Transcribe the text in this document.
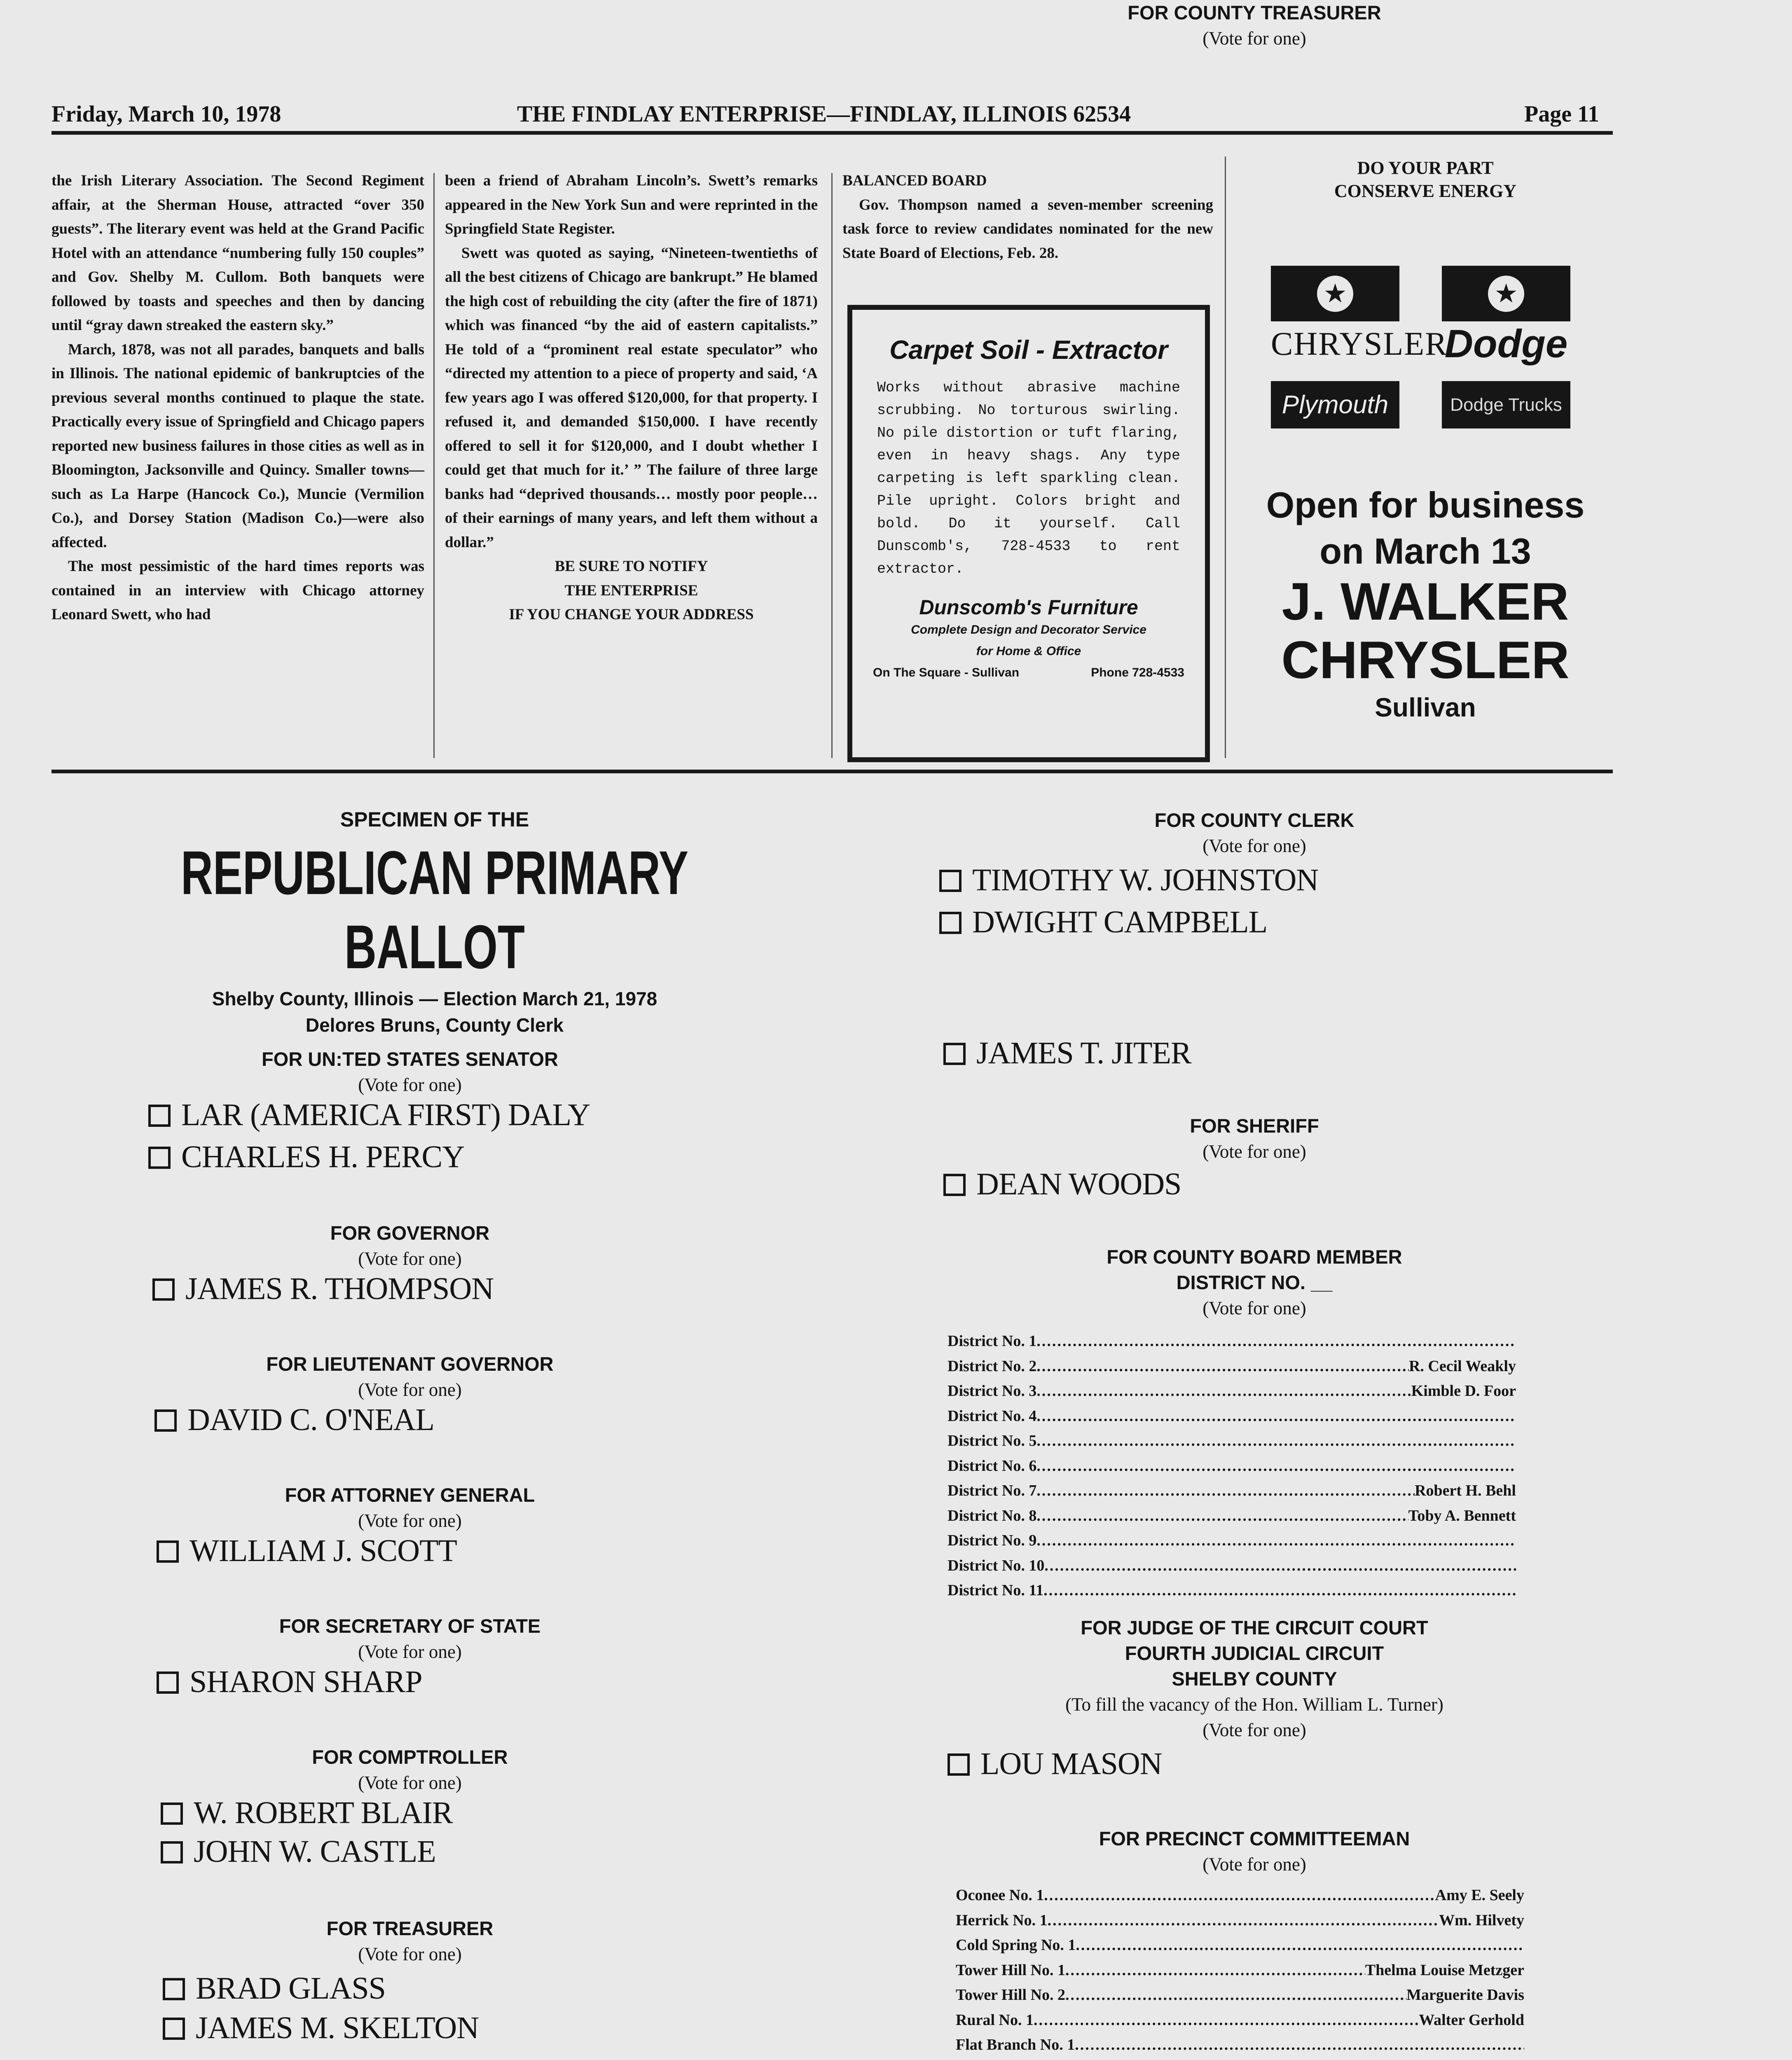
Friday, March 10, 1978	THE FINDLAY ENTERPRISE—FINDLAY, ILLINOIS 62534	Page 11

the Irish Literary Association. The Second Regiment affair, at the Sherman House, attracted “over 350 guests”. The literary event was held at the Grand Pacific Hotel with an attendance “numbering fully 150 couples” and Gov. Shelby M. Cullom. Both banquets were followed by toasts and speeches and then by dancing until “gray dawn streaked the eastern sky.”

March, 1878, was not all parades, banquets and balls in Illinois. The national epidemic of bankruptcies of the previous several months continued to plaque the state. Practically every issue of Springfield and Chicago papers reported new business failures in those cities as well as in Bloomington, Jacksonville and Quincy. Smaller towns—such as La Harpe (Hancock Co.), Muncie (Vermilion Co.), and Dorsey Station (Madison Co.)—were also affected.

The most pessimistic of the hard times reports was contained in an interview with Chicago attorney Leonard Swett, who had

been a friend of Abraham Lincoln’s. Swett’s remarks appeared in the New York Sun and were reprinted in the Springfield State Register.

Swett was quoted as saying, “Nineteen-twentieths of all the best citizens of Chicago are bankrupt.” He blamed the high cost of rebuilding the city (after the fire of 1871) which was financed “by the aid of eastern capitalists.” He told of a “prominent real estate speculator” who “directed my attention to a piece of property and said, ‘A few years ago I was offered $120,000, for that property. I refused it, and demanded $150,000. I have recently offered to sell it for $120,000, and I doubt whether I could get that much for it.’ ” The failure of three large banks had “deprived thousands… mostly poor people… of their earnings of many years, and left them without a dollar.”

BE SURE TO NOTIFY

THE ENTERPRISE

IF YOU CHANGE YOUR ADDRESS

BALANCED BOARD

Gov. Thompson named a seven-member screening task force to review candidates nominated for the new State Board of Elections, Feb. 28.

Carpet Soil - Extractor
Works without abrasive machine scrubbing. No torturous swirling. No pile distortion or tuft flaring, even in heavy shags. Any type carpeting is left sparkling clean. Pile upright. Colors bright and bold. Do it yourself. Call Dunscomb's, 728-4533 to rent extractor.
Dunscomb's Furniture
Complete Design and Decorator Service
for Home & Office
On The Square - Sullivan	Phone 728-4533
DO YOUR PART
CONSERVE ENERGY
★
★
CHRYSLER
Dodge
Plymouth	Dodge Trucks
Open for business
on March 13
J. WALKER
CHRYSLER
Sullivan
SPECIMEN OF THE
REPUBLICAN PRIMARY BALLOT
Shelby County, Illinois — Election March 21, 1978
Delores Bruns, County Clerk
FOR UN:TED STATES SENATOR
(Vote for one)
LAR (AMERICA FIRST) DALY
CHARLES H. PERCY
FOR GOVERNOR
(Vote for one)
JAMES R. THOMPSON
FOR LIEUTENANT GOVERNOR
(Vote for one)
DAVID C. O'NEAL
FOR ATTORNEY GENERAL
(Vote for one)
WILLIAM J. SCOTT
FOR SECRETARY OF STATE
(Vote for one)
SHARON SHARP
FOR COMPTROLLER
(Vote for one)
W. ROBERT BLAIR
JOHN W. CASTLE
FOR TREASURER
(Vote for one)
BRAD GLASS
JAMES M. SKELTON
FOR COUNTY CLERK
(Vote for one)
TIMOTHY W. JOHNSTON
DWIGHT CAMPBELL
FOR COUNTY TREASURER
(Vote for one)
JAMES T. JITER
FOR SHERIFF
(Vote for one)
DEAN WOODS
FOR COUNTY BOARD MEMBER
DISTRICT NO. __
(Vote for one)
District No. 1
.....
District No. 2 .....	R. Cecil Weakly
District No. 3 .....	Kimble D. Foor
District No. 4
.....
District No. 5
.....
District No. 6
.....
District No. 7 .....	Robert H. Behl
District No. 8 .....	Toby A. Bennett
District No. 9
.....
District No. 10
.....
District No. 11
.....
FOR JUDGE OF THE CIRCUIT COURT
FOURTH JUDICIAL CIRCUIT
SHELBY COUNTY
(To fill the vacancy of the Hon. William L. Turner)
(Vote for one)
LOU MASON
FOR PRECINCT COMMITTEEMAN
(Vote for one)
Oconee No. 1 .....	Amy E. Seely
Herrick No. 1 .....	Wm. Hilvety
Cold Spring No. 1
.....
Tower Hill No. 1 .....	Thelma Louise Metzger
Tower Hill No. 2 .....	Marguerite Davis
Rural No. 1 .....	Walter Gerhold
Flat Branch No. 1
.....
.....
